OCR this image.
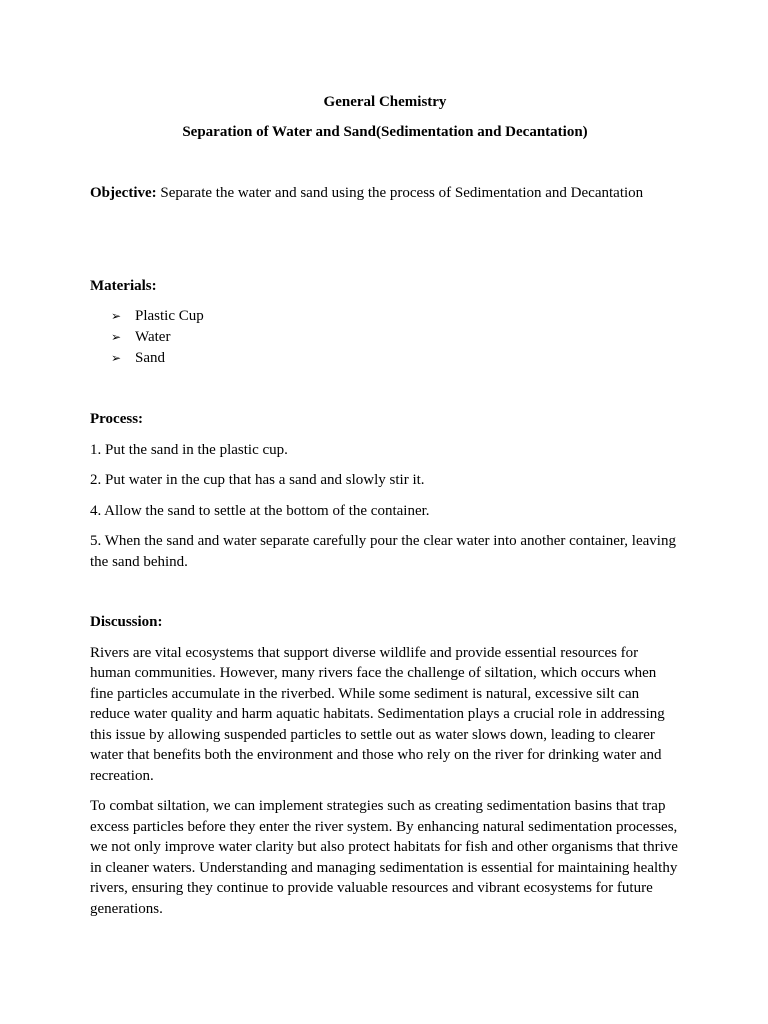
General Chemistry

Separation of Water and Sand(Sedimentation and Decantation)

Objective: Separate the water and sand using the process of Sedimentation and Decantation

Materials:

➢ Plastic Cup
➢ Water
➢ Sand

Process:

1. Put the sand in the plastic cup.

2. Put water in the cup that has a sand and slowly stir it.

4. Allow the sand to settle at the bottom of the container.

5. When the sand and water separate carefully pour the clear water into another container, leaving the sand behind.

Discussion:

Rivers are vital ecosystems that support diverse wildlife and provide essential resources for human communities. However, many rivers face the challenge of siltation, which occurs when fine particles accumulate in the riverbed. While some sediment is natural, excessive silt can reduce water quality and harm aquatic habitats. Sedimentation plays a crucial role in addressing this issue by allowing suspended particles to settle out as water slows down, leading to clearer water that benefits both the environment and those who rely on the river for drinking water and recreation.

To combat siltation, we can implement strategies such as creating sedimentation basins that trap excess particles before they enter the river system. By enhancing natural sedimentation processes, we not only improve water clarity but also protect habitats for fish and other organisms that thrive in cleaner waters. Understanding and managing sedimentation is essential for maintaining healthy rivers, ensuring they continue to provide valuable resources and vibrant ecosystems for future generations.
